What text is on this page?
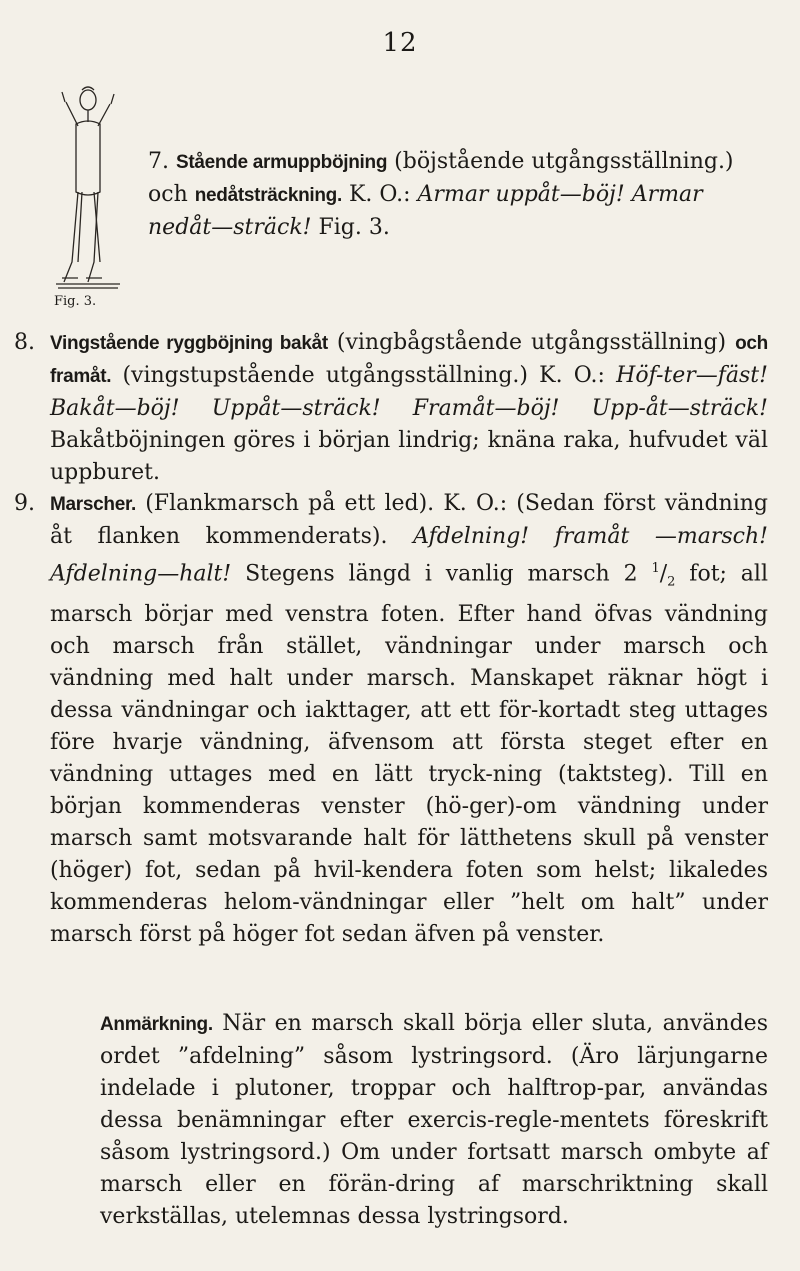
12
Fig. 3.
7. Stående armuppböjning (böjstående utgångsställning.) och nedåtsträckning. K. O.: Armar uppåt—böj! Armar nedåt—sträck! Fig. 3.
8. Vingstående ryggböjning bakåt (vingbågstående utgångsställning) och framåt. (vingstupstående utgångsställning.) K. O.: Höf-ter—fäst! Bakåt—böj! Uppåt—sträck! Framåt—böj! Upp-åt—sträck! Bakåtböjningen göres i början lindrig; knäna raka, hufvudet väl uppburet.
9. Marscher. (Flankmarsch på ett led). K. O.: (Sedan först vändning åt flanken kommenderats). Afdelning! framåt —marsch! Afdelning—halt! Stegens längd i vanlig marsch 2 $^1/_2$ fot; all marsch börjar med venstra foten. Efter hand öfvas vändning och marsch från stället, vändningar under marsch och vändning med halt under marsch. Manskapet räknar högt i dessa vändningar och iakttager, att ett för-kortadt steg uttages före hvarje vändning, äfvensom att första steget efter en vändning uttages med en lätt tryck-ning (taktsteg). Till en början kommenderas venster (hö-ger)-om vändning under marsch samt motsvarande halt för lätthetens skull på venster (höger) fot, sedan på hvil-kendera foten som helst; likaledes kommenderas helom-vändningar eller ”helt om halt” under marsch först på höger fot sedan äfven på venster.
Anmärkning. När en marsch skall börja eller sluta, användes ordet ”afdelning” såsom lystringsord. (Äro lärjungarne indelade i plutoner, troppar och halftrop-par, användas dessa benämningar efter exercis-regle-mentets föreskrift såsom lystringsord.) Om under fortsatt marsch ombyte af marsch eller en förän-dring af marschriktning skall verkställas, utelemnas dessa lystringsord.
